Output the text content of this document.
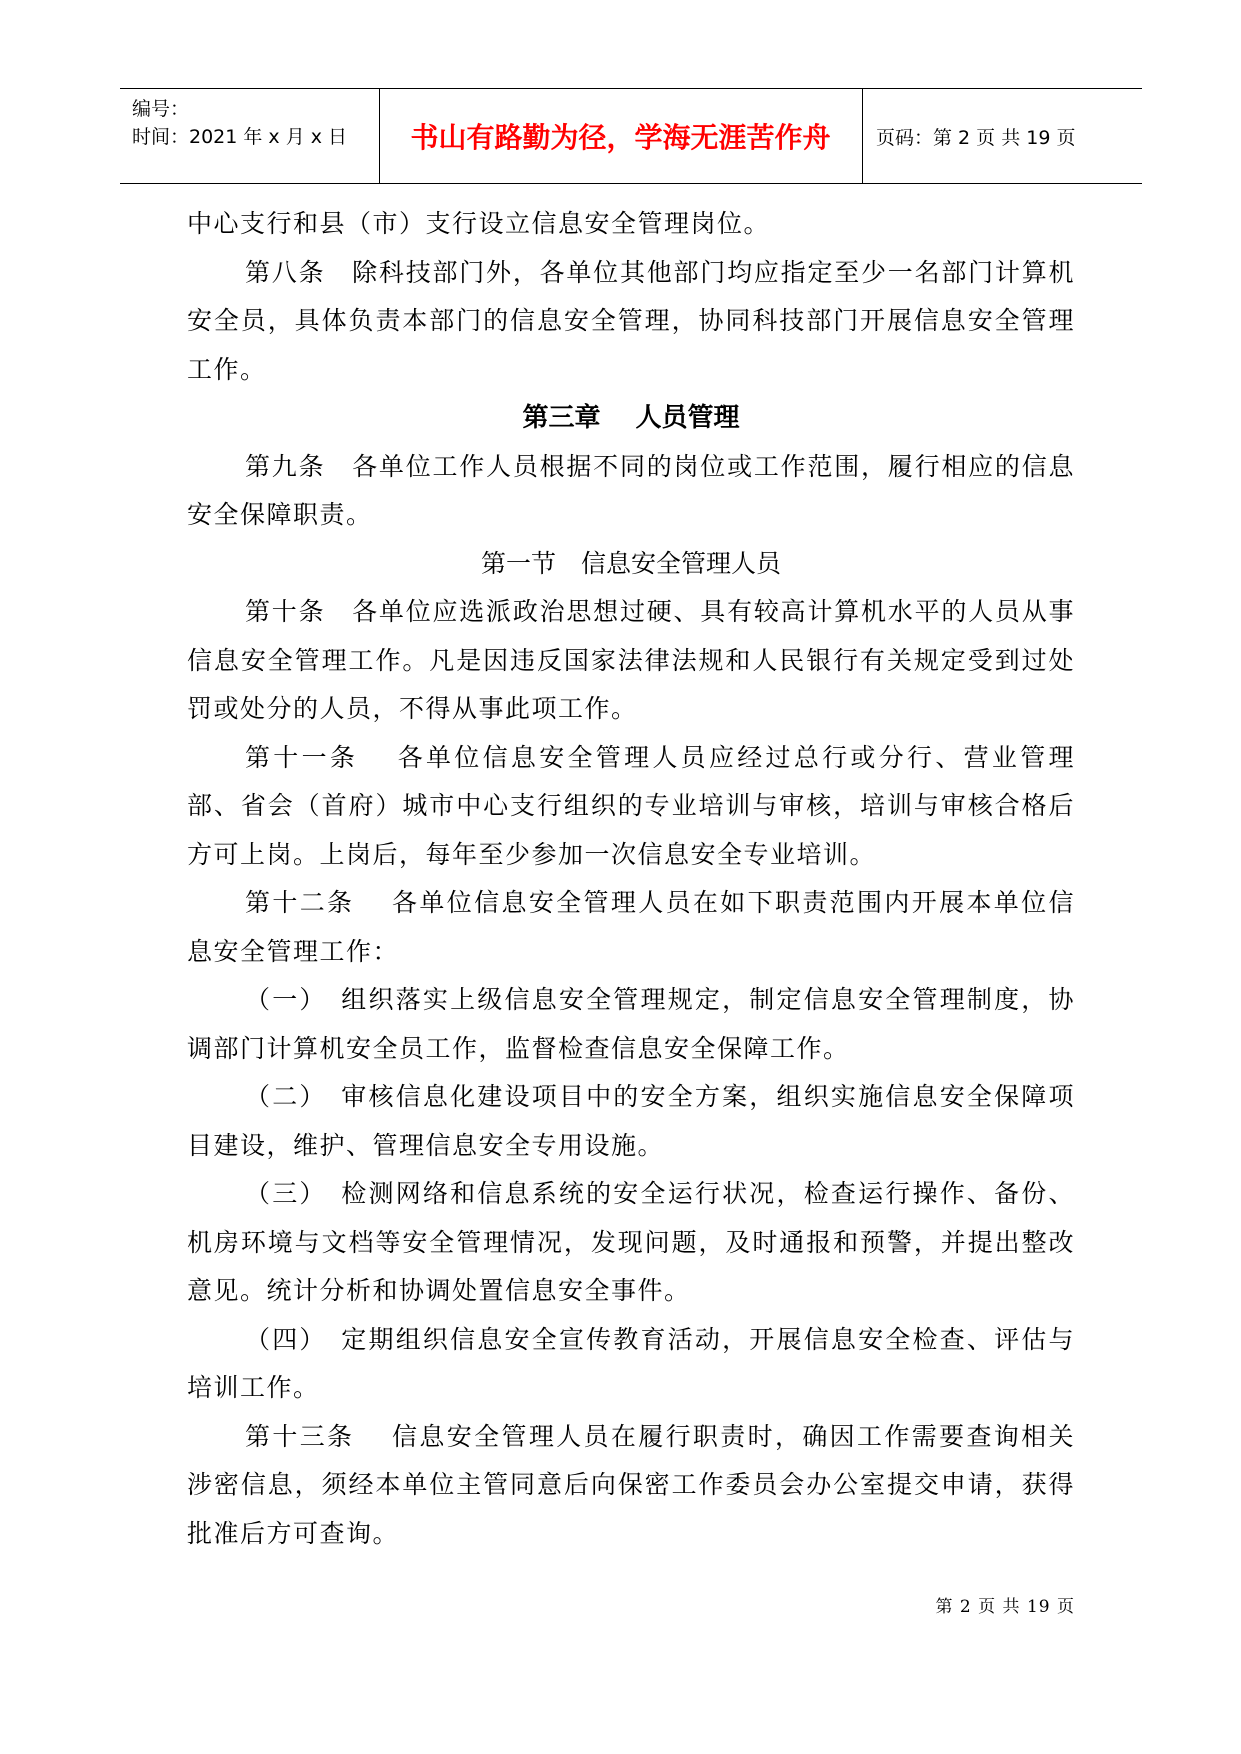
编号：
时间：2021 年 x 月 x 日	书山有路勤为径，学海无涯苦作舟	页码：第 2 页 共 19 页

中心支行和县（市）支行设立信息安全管理岗位。

第八条　除科技部门外，各单位其他部门均应指定至少一名部门计算机安全员，具体负责本部门的信息安全管理，协同科技部门开展信息安全管理工作。

第三章　 人员管理

第九条　各单位工作人员根据不同的岗位或工作范围，履行相应的信息安全保障职责。

第一节　信息安全管理人员

第十条　各单位应选派政治思想过硬、具有较高计算机水平的人员从事信息安全管理工作。凡是因违反国家法律法规和人民银行有关规定受到过处罚或处分的人员，不得从事此项工作。

第十一条　 各单位信息安全管理人员应经过总行或分行、营业管理部、省会（首府）城市中心支行组织的专业培训与审核，培训与审核合格后方可上岗。上岗后，每年至少参加一次信息安全专业培训。

第十二条　 各单位信息安全管理人员在如下职责范围内开展本单位信息安全管理工作：

（一）　组织落实上级信息安全管理规定，制定信息安全管理制度，协调部门计算机安全员工作，监督检查信息安全保障工作。

（二）　审核信息化建设项目中的安全方案，组织实施信息安全保障项目建设，维护、管理信息安全专用设施。

（三）　检测网络和信息系统的安全运行状况，检查运行操作、备份、机房环境与文档等安全管理情况，发现问题，及时通报和预警，并提出整改意见。统计分析和协调处置信息安全事件。

（四）　定期组织信息安全宣传教育活动，开展信息安全检查、评估与培训工作。

第十三条　 信息安全管理人员在履行职责时，确因工作需要查询相关涉密信息，须经本单位主管同意后向保密工作委员会办公室提交申请，获得批准后方可查询。

第 2 页 共 19 页
